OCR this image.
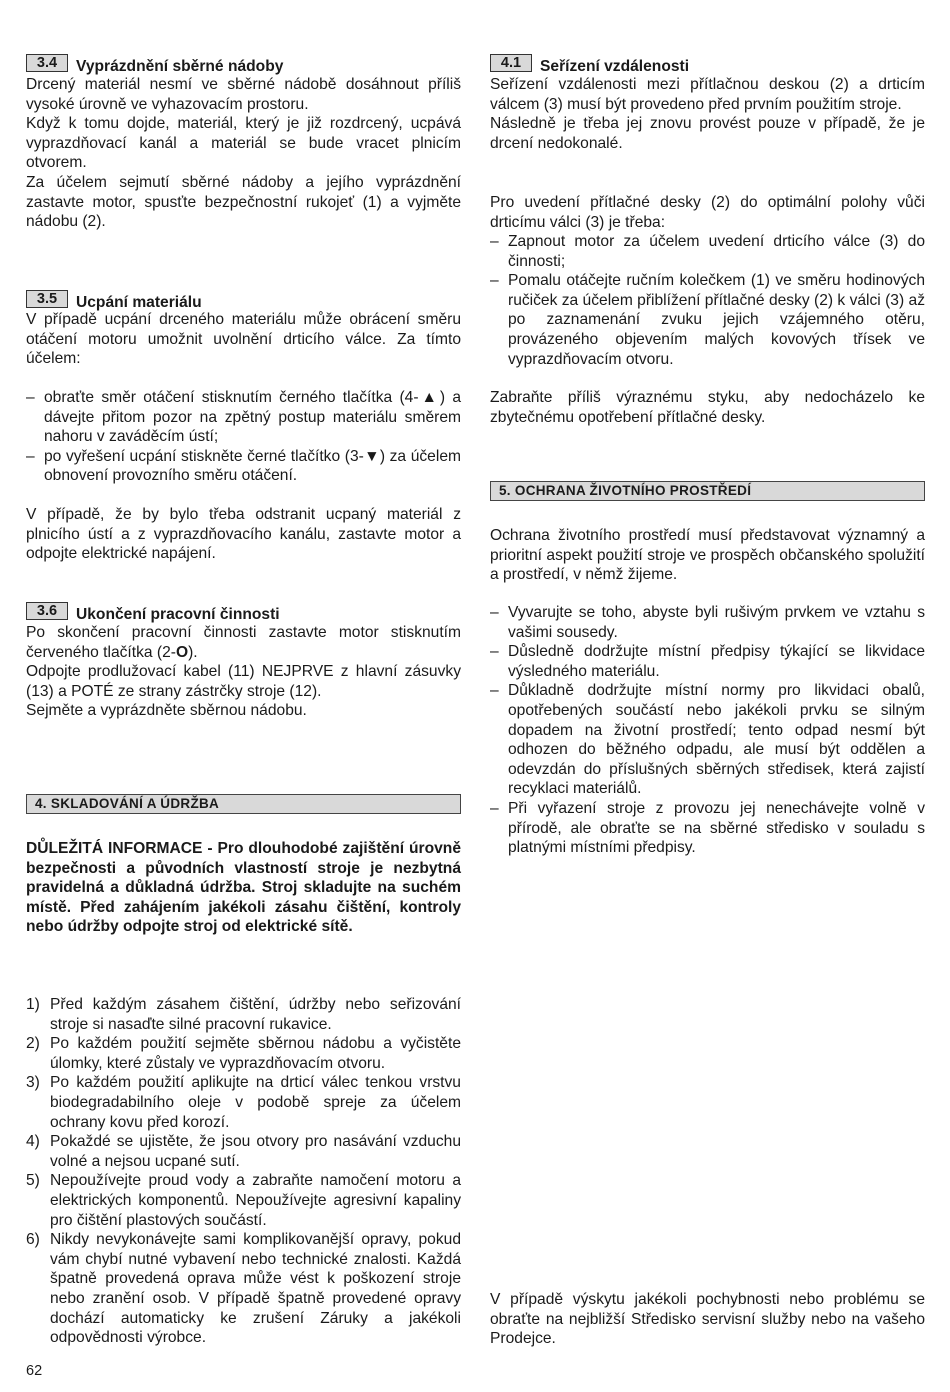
3.4	Vyprázdnění sběrné nádoby

Drcený materiál nesmí ve sběrné nádobě dosáhnout příliš vysoké úrovně ve vyhazovacím prostoru.

Když k tomu dojde, materiál, který je již rozdrcený, ucpává vyprazdňovací kanál a materiál se bude vracet plnicím otvorem.

Za účelem sejmutí sběrné nádoby a jejího vyprázdnění zastavte motor, spusťte bezpečnostní rukojeť (1) a vyjměte nádobu (2).

3.5	Ucpání materiálu

V případě ucpání drceného materiálu může obrácení směru otáčení motoru umožnit uvolnění drticího válce. Za tímto účelem:

– obraťte směr otáčení stisknutím černého tlačítka (4-▲) a dávejte přitom pozor na zpětný postup materiálu směrem nahoru v zaváděcím ústí;
– po vyřešení ucpání stiskněte černé tlačítko (3-▼) za účelem obnovení provozního směru otáčení.

V případě, že by bylo třeba odstranit ucpaný materiál z plnicího ústí a z vyprazdňovacího kanálu, zastavte motor a odpojte elektrické napájení.

3.6	Ukončení pracovní činnosti

Po skončení pracovní činnosti zastavte motor stisknutím červeného tlačítka (2-O).

Odpojte prodlužovací kabel (11) NEJPRVE z hlavní zásuvky (13) a POTÉ ze strany zástrčky stroje (12).

Sejměte a vyprázdněte sběrnou nádobu.

4. SKLADOVÁNÍ A ÚDRŽBA

DŮLEŽITÁ INFORMACE - Pro dlouhodobé zajištění úrovně bezpečnosti a původních vlastností stroje je nezbytná pravidelná a důkladná údržba. Stroj skladujte na suchém místě. Před zahájením jakékoli zásahu čištění, kontroly nebo údržby odpojte stroj od elektrické sítě.

1) Před každým zásahem čištění, údržby nebo seřizování stroje si nasaďte silné pracovní rukavice.
2) Po každém použití sejměte sběrnou nádobu a vyčistěte úlomky, které zůstaly ve vyprazdňovacím otvoru.
3) Po každém použití aplikujte na drticí válec tenkou vrstvu biodegradabilního oleje v podobě spreje za účelem ochrany kovu před korozí.
4) Pokaždé se ujistěte, že jsou otvory pro nasávání vzduchu volné a nejsou ucpané sutí.
5) Nepoužívejte proud vody a zabraňte namočení motoru a elektrických komponentů. Nepoužívejte agresivní kapaliny pro čištění plastových součástí.
6) Nikdy nevykonávejte sami komplikovanější opravy, pokud vám chybí nutné vybavení nebo technické znalosti. Každá špatně provedená oprava může vést k poškození stroje nebo zranění osob. V případě špatně provedené opravy dochází automaticky ke zrušení Záruky a jakékoli odpovědnosti výrobce.
62
4.1	Seřízení vzdálenosti

Seřízení vzdálenosti mezi přítlačnou deskou (2) a drticím válcem (3) musí být provedeno před prvním použitím stroje.

Následně je třeba jej znovu provést pouze v případě, že je drcení nedokonalé.

Pro uvedení přítlačné desky (2) do optimální polohy vůči drticímu válci (3) je třeba:

– Zapnout motor za účelem uvedení drticího válce (3) do činnosti;
– Pomalu otáčejte ručním kolečkem (1) ve směru hodinových ručiček za účelem přiblížení přítlačné desky (2) k válci (3) až po zaznamenání zvuku jejich vzájemného otěru, provázeného objevením malých kovových třísek ve vyprazdňovacím otvoru.

Zabraňte příliš výraznému styku, aby nedocházelo ke zbytečnému opotřebení přítlačné desky.

5. OCHRANA ŽIVOTNÍHO PROSTŘEDÍ

Ochrana životního prostředí musí představovat významný a prioritní aspekt použití stroje ve prospěch občanského spolužití a prostředí, v němž žijeme.

– Vyvarujte se toho, abyste byli rušivým prvkem ve vztahu s vašimi sousedy.
– Důsledně dodržujte místní předpisy týkající se likvidace výsledného materiálu.
– Důkladně dodržujte místní normy pro likvidaci obalů, opotřebených součástí nebo jakékoli prvku se silným dopadem na životní prostředí; tento odpad nesmí být odhozen do běžného odpadu, ale musí být oddělen a odevzdán do příslušných sběrných středisek, která zajistí recyklaci materiálů.
– Při vyřazení stroje z provozu jej nenechávejte volně v přírodě, ale obraťte se na sběrné středisko v souladu s platnými místními předpisy.

V případě výskytu jakékoli pochybnosti nebo problému se obraťte na nejbližší Středisko servisní služby nebo na vašeho Prodejce.
